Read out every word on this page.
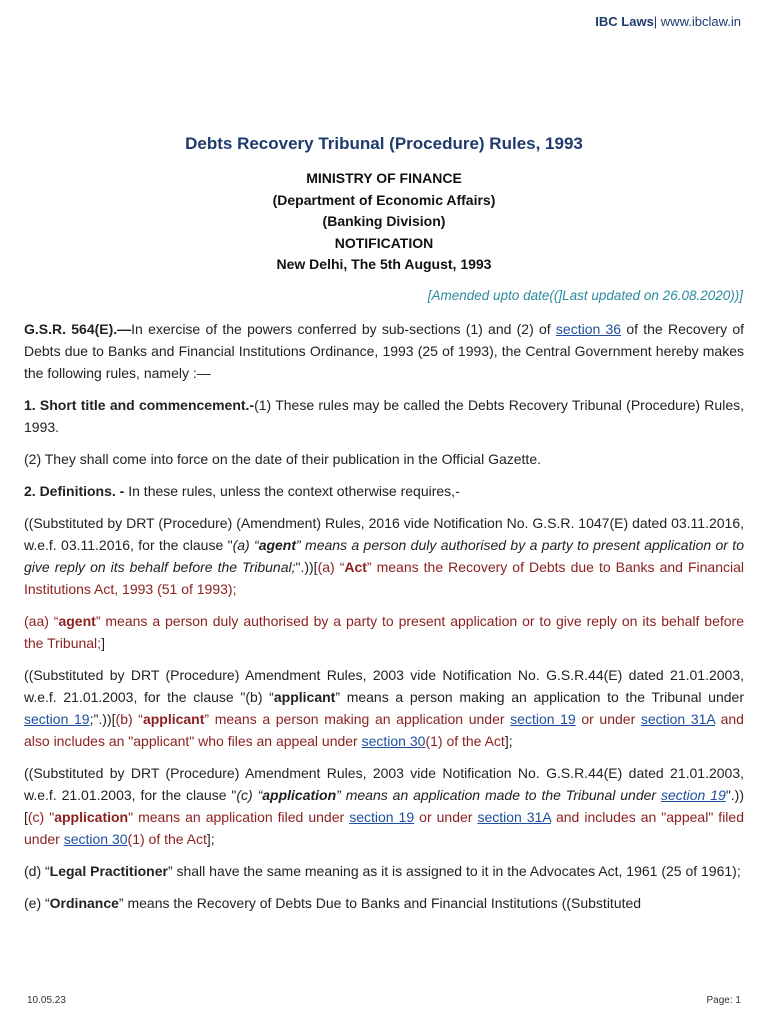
IBC Laws| www.ibclaw.in
Debts Recovery Tribunal (Procedure) Rules, 1993
MINISTRY OF FINANCE
(Department of Economic Affairs)
(Banking Division)
NOTIFICATION
New Delhi, The 5th August, 1993
[Amended upto date((]Last updated on 26.08.2020))]

G.S.R. 564(E).—In exercise of the powers conferred by sub-sections (1) and (2) of section 36 of the Recovery of Debts due to Banks and Financial Institutions Ordinance, 1993 (25 of 1993), the Central Government hereby makes the following rules, namely :—

1. Short title and commencement.-(1) These rules may be called the Debts Recovery Tribunal (Procedure) Rules, 1993.

(2) They shall come into force on the date of their publication in the Official Gazette.

2. Definitions. - In these rules, unless the context otherwise requires,-

((Substituted by DRT (Procedure) (Amendment) Rules, 2016 vide Notification No. G.S.R. 1047(E) dated 03.11.2016, w.e.f. 03.11.2016, for the clause "(a) “agent” means a person duly authorised by a party to present application or to give reply on its behalf before the Tribunal;".))[(a) “Act” means the Recovery of Debts due to Banks and Financial Institutions Act, 1993 (51 of 1993);

(aa) “agent” means a person duly authorised by a party to present application or to give reply on its behalf before the Tribunal;]

((Substituted by DRT (Procedure) Amendment Rules, 2003 vide Notification No. G.S.R.44(E) dated 21.01.2003, w.e.f. 21.01.2003, for the clause "(b) “applicant” means a person making an application to the Tribunal under section 19;".))[(b) “applicant” means a person making an application under section 19 or under section 31A and also includes an "applicant" who files an appeal under section 30(1) of the Act];

((Substituted by DRT (Procedure) Amendment Rules, 2003 vide Notification No. G.S.R.44(E) dated 21.01.2003, w.e.f. 21.01.2003, for the clause "(c) “application” means an application made to the Tribunal under section 19".))[(c) "application" means an application filed under section 19 or under section 31A and includes an "appeal" filed under section 30(1) of the Act];

(d) “Legal Practitioner” shall have the same meaning as it is assigned to it in the Advocates Act, 1961 (25 of 1961);

(e) “Ordinance” means the Recovery of Debts Due to Banks and Financial Institutions ((Substituted

10.05.23	Page: 1
